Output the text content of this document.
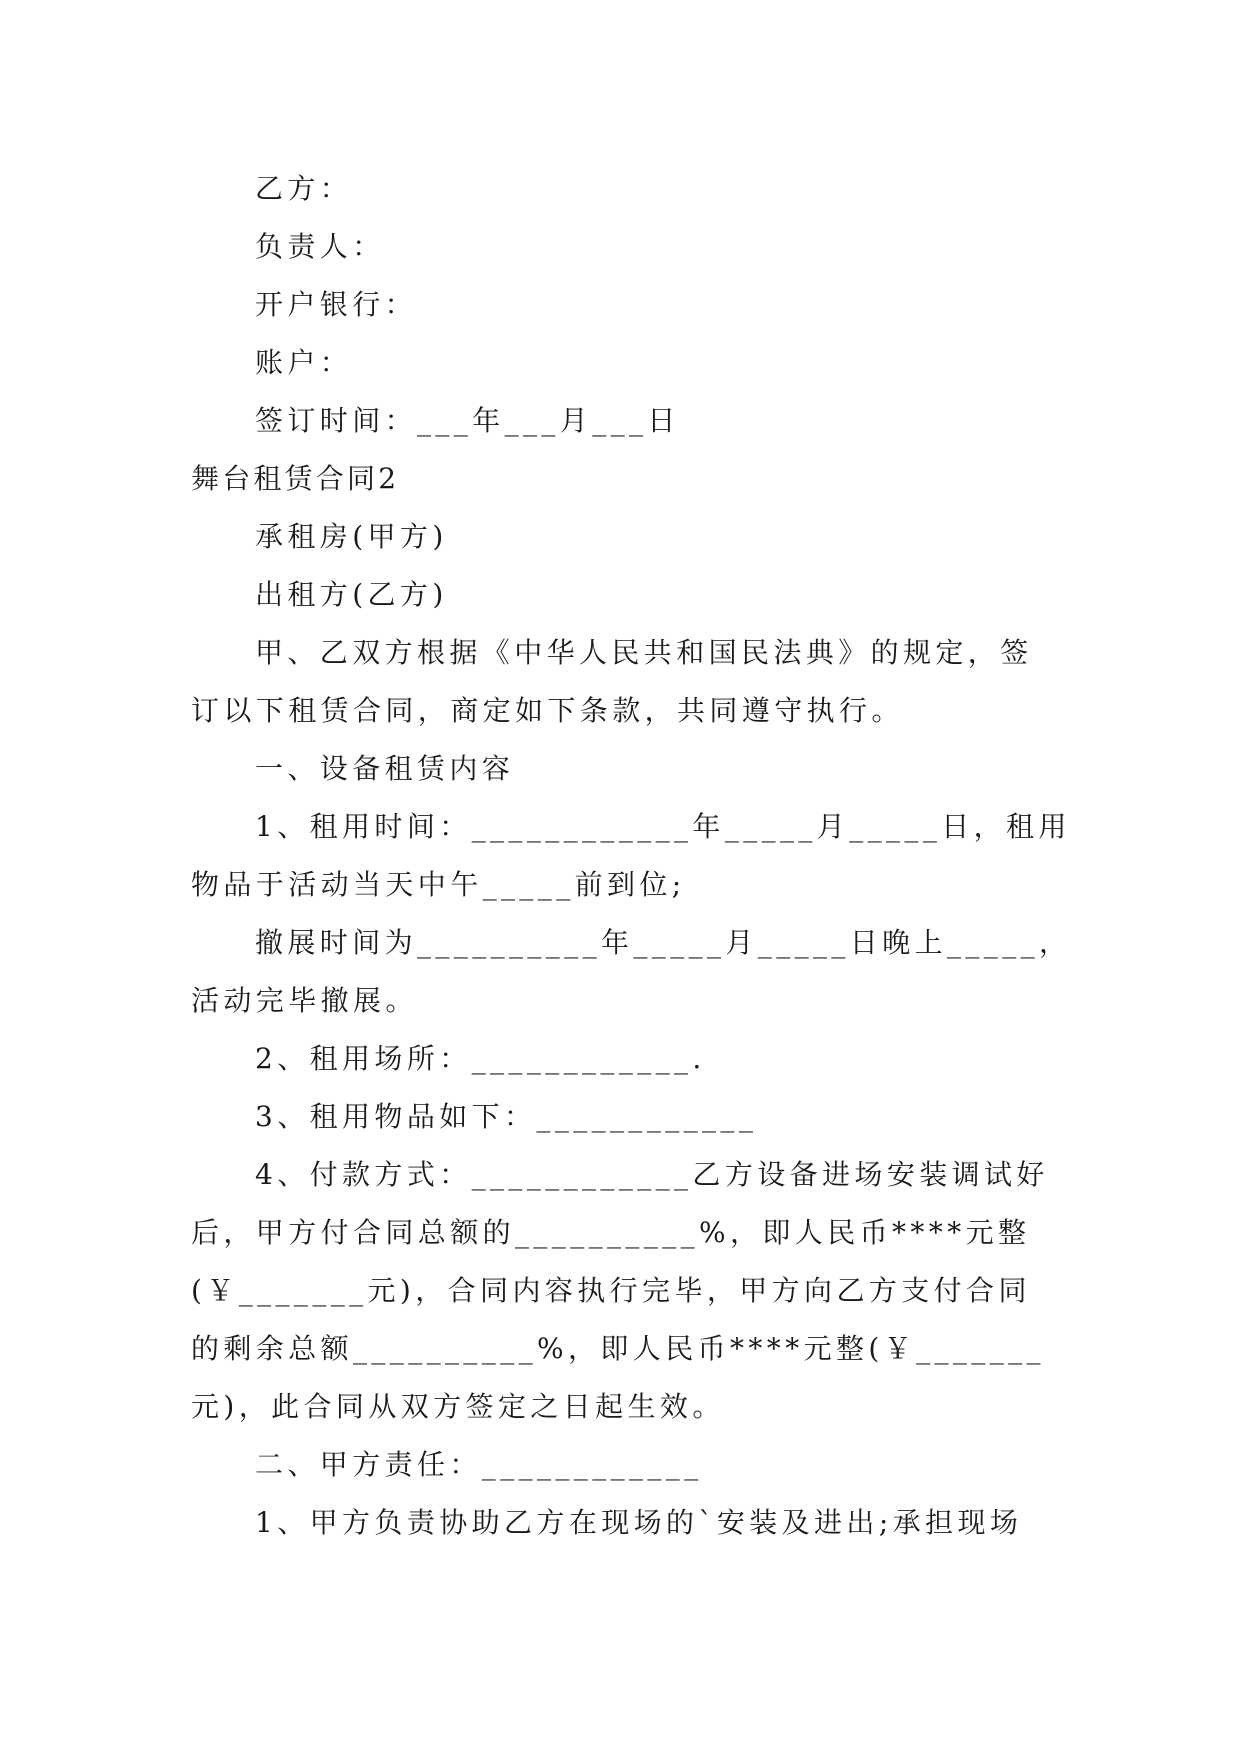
乙方：
负责人：
开户银行：
账户：
签订时间：___年___月___日
舞台租赁合同2
承租房(甲方)
出租方(乙方)
甲、乙双方根据《中华人民共和国民法典》的规定，签
订以下租赁合同，商定如下条款，共同遵守执行。
一、设备租赁内容
1、租用时间：____________年_____月_____日，租用
物品于活动当天中午_____前到位;
撤展时间为__________年_____月_____日晚上_____，
活动完毕撤展。
2、租用场所：____________.
3、租用物品如下：____________
4、付款方式：____________乙方设备进场安装调试好
后，甲方付合同总额的__________%，即人民币****元整
(￥_______元)，合同内容执行完毕，甲方向乙方支付合同
的剩余总额__________%，即人民币****元整(￥_______
元)，此合同从双方签定之日起生效。
二、甲方责任：____________
1、甲方负责协助乙方在现场的`安装及进出;承担现场
